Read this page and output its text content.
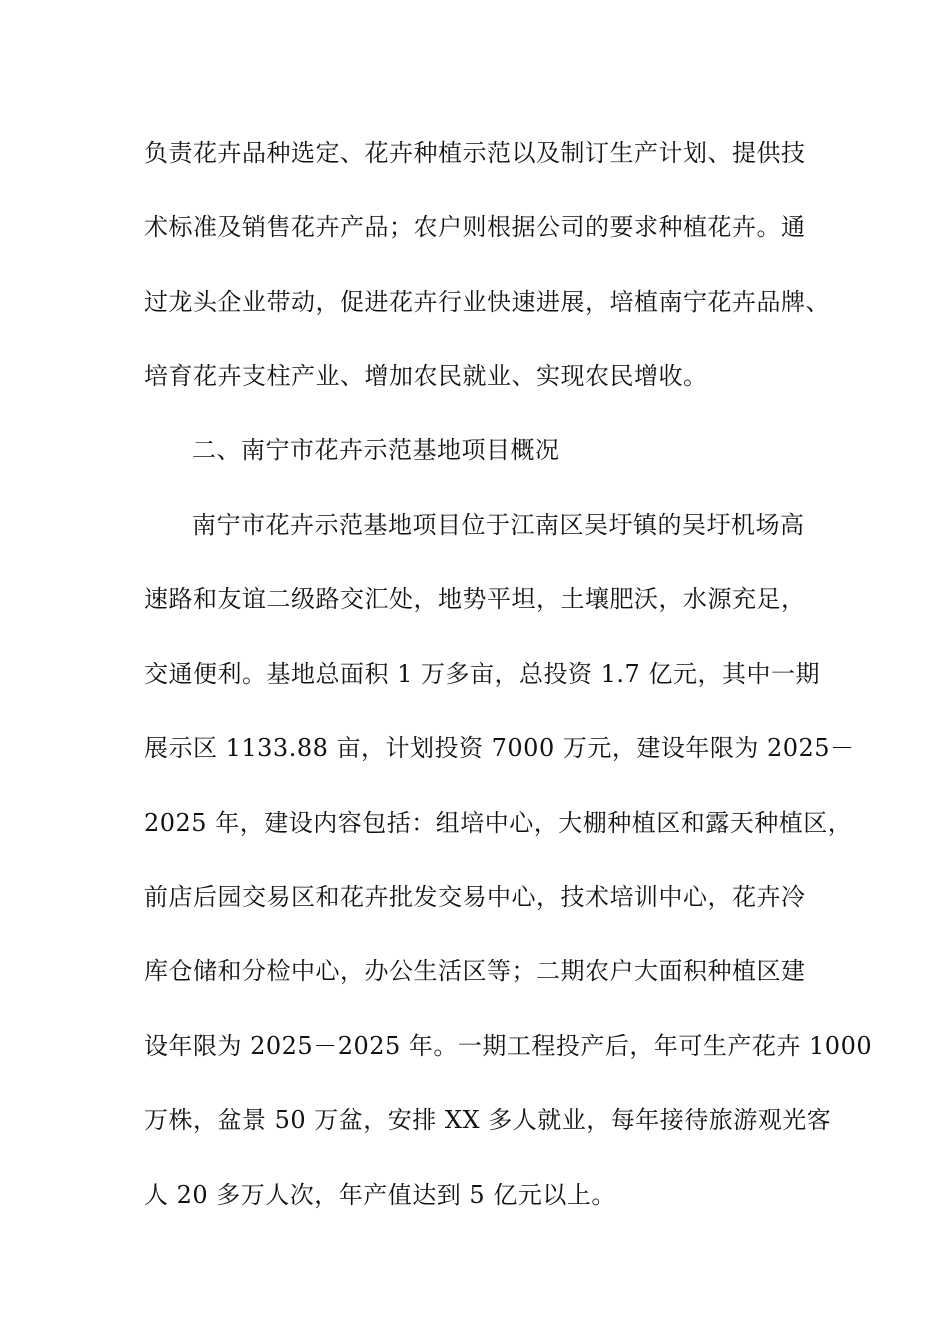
负责花卉品种选定、花卉种植示范以及制订生产计划、提供技
术标准及销售花卉产品；农户则根据公司的要求种植花卉。通
过龙头企业带动，促进花卉行业快速进展，培植南宁花卉品牌、
培育花卉支柱产业、增加农民就业、实现农民增收。
二、南宁市花卉示范基地项目概况
南宁市花卉示范基地项目位于江南区吴圩镇的吴圩机场高
速路和友谊二级路交汇处，地势平坦，土壤肥沃，水源充足，
交通便利。基地总面积 1 万多亩，总投资 1.7 亿元，其中一期
展示区 1133.88 亩，计划投资 7000 万元，建设年限为 2025－
2025 年，建设内容包括：组培中心，大棚种植区和露天种植区，
前店后园交易区和花卉批发交易中心，技术培训中心，花卉冷
库仓储和分检中心，办公生活区等；二期农户大面积种植区建
设年限为 2025－2025 年。一期工程投产后，年可生产花卉 1000
万株，盆景 50 万盆，安排 XX 多人就业，每年接待旅游观光客
人 20 多万人次，年产值达到 5 亿元以上。
